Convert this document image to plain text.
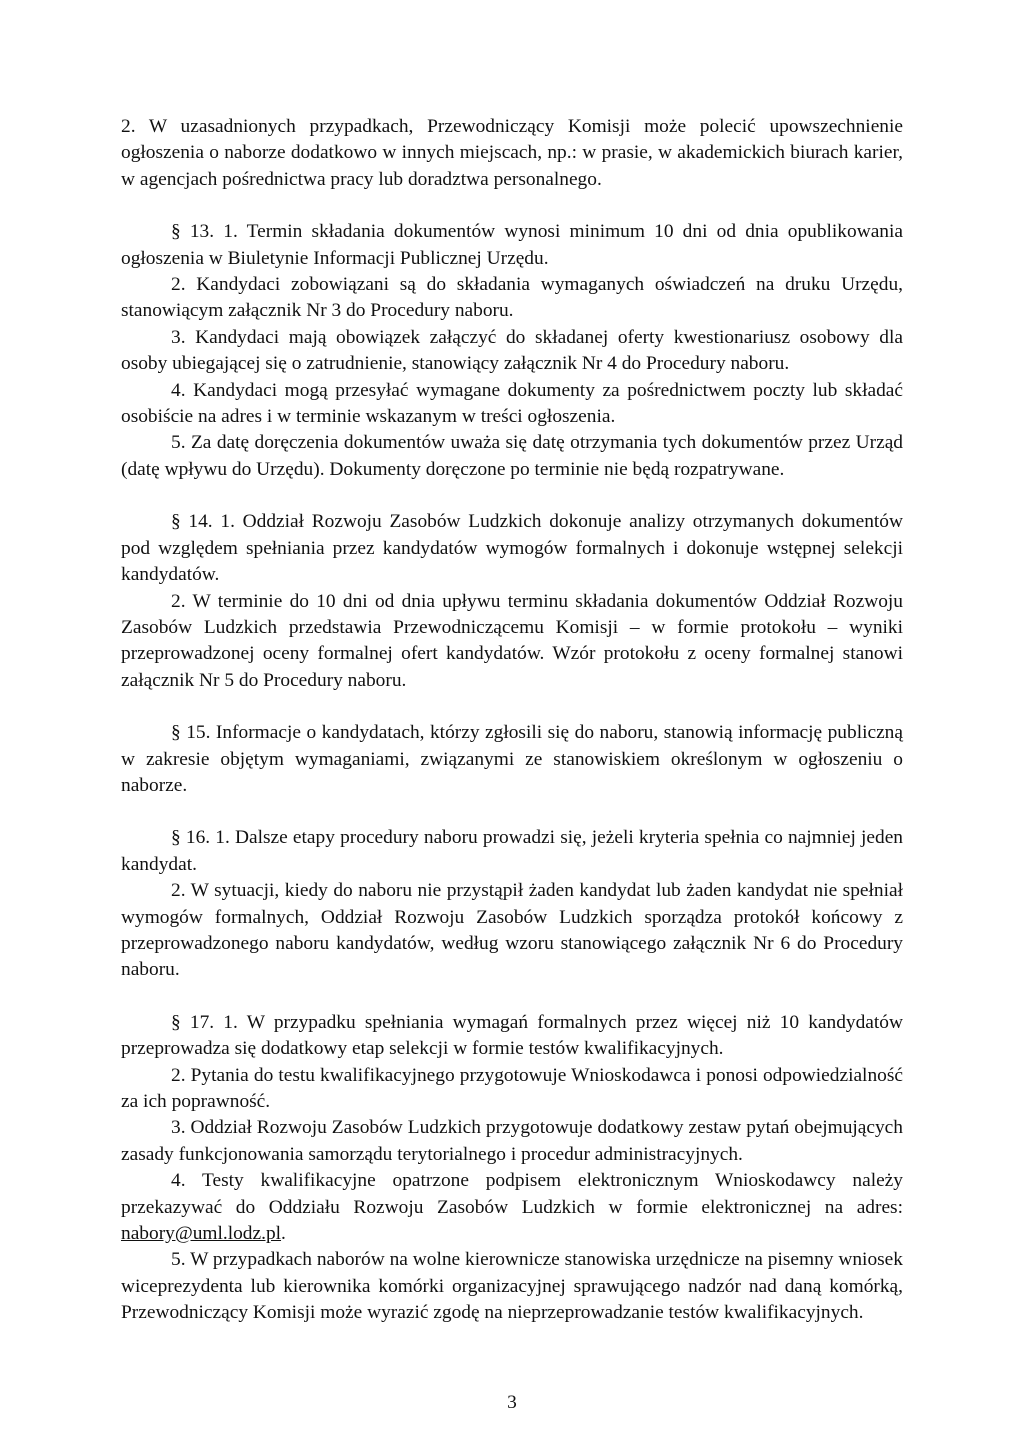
2. W uzasadnionych przypadkach, Przewodniczący Komisji może polecić upowszechnienie ogłoszenia o naborze dodatkowo w innych miejscach, np.: w prasie, w akademickich biurach karier, w agencjach pośrednictwa pracy lub doradztwa personalnego.

§ 13. 1. Termin składania dokumentów wynosi minimum 10 dni od dnia opublikowania ogłoszenia w Biuletynie Informacji Publicznej Urzędu.

2. Kandydaci zobowiązani są do składania wymaganych oświadczeń na druku Urzędu, stanowiącym załącznik Nr 3 do Procedury naboru.

3. Kandydaci mają obowiązek załączyć do składanej oferty kwestionariusz osobowy dla osoby ubiegającej się o zatrudnienie, stanowiący załącznik Nr 4 do Procedury naboru.

4. Kandydaci mogą przesyłać wymagane dokumenty za pośrednictwem poczty lub składać osobiście na adres i w terminie wskazanym w treści ogłoszenia.

5. Za datę doręczenia dokumentów uważa się datę otrzymania tych dokumentów przez Urząd (datę wpływu do Urzędu). Dokumenty doręczone po terminie nie będą rozpatrywane.

§ 14. 1. Oddział Rozwoju Zasobów Ludzkich dokonuje analizy otrzymanych dokumentów pod względem spełniania przez kandydatów wymogów formalnych i dokonuje wstępnej selekcji kandydatów.

2. W terminie do 10 dni od dnia upływu terminu składania dokumentów Oddział Rozwoju Zasobów Ludzkich przedstawia Przewodniczącemu Komisji – w formie protokołu – wyniki przeprowadzonej oceny formalnej ofert kandydatów. Wzór protokołu z oceny formalnej stanowi załącznik Nr 5 do Procedury naboru.

§ 15. Informacje o kandydatach, którzy zgłosili się do naboru, stanowią informację publiczną w zakresie objętym wymaganiami, związanymi ze stanowiskiem określonym w ogłoszeniu o naborze.

§ 16. 1. Dalsze etapy procedury naboru prowadzi się, jeżeli kryteria spełnia co najmniej jeden kandydat.

2. W sytuacji, kiedy do naboru nie przystąpił żaden kandydat lub żaden kandydat nie spełniał wymogów formalnych, Oddział Rozwoju Zasobów Ludzkich sporządza protokół końcowy z przeprowadzonego naboru kandydatów, według wzoru stanowiącego załącznik Nr 6 do Procedury naboru.

§ 17. 1. W przypadku spełniania wymagań formalnych przez więcej niż 10 kandydatów przeprowadza się dodatkowy etap selekcji w formie testów kwalifikacyjnych.

2. Pytania do testu kwalifikacyjnego przygotowuje Wnioskodawca i ponosi odpowiedzialność za ich poprawność.

3. Oddział Rozwoju Zasobów Ludzkich przygotowuje dodatkowy zestaw pytań obejmujących zasady funkcjonowania samorządu terytorialnego i procedur administracyjnych.

4. Testy kwalifikacyjne opatrzone podpisem elektronicznym Wnioskodawcy należy przekazywać do Oddziału Rozwoju Zasobów Ludzkich w formie elektronicznej na adres: nabory@uml.lodz.pl.

5. W przypadkach naborów na wolne kierownicze stanowiska urzędnicze na pisemny wniosek wiceprezydenta lub kierownika komórki organizacyjnej sprawującego nadzór nad daną komórką, Przewodniczący Komisji może wyrazić zgodę na nieprzeprowadzanie testów kwalifikacyjnych.

3
